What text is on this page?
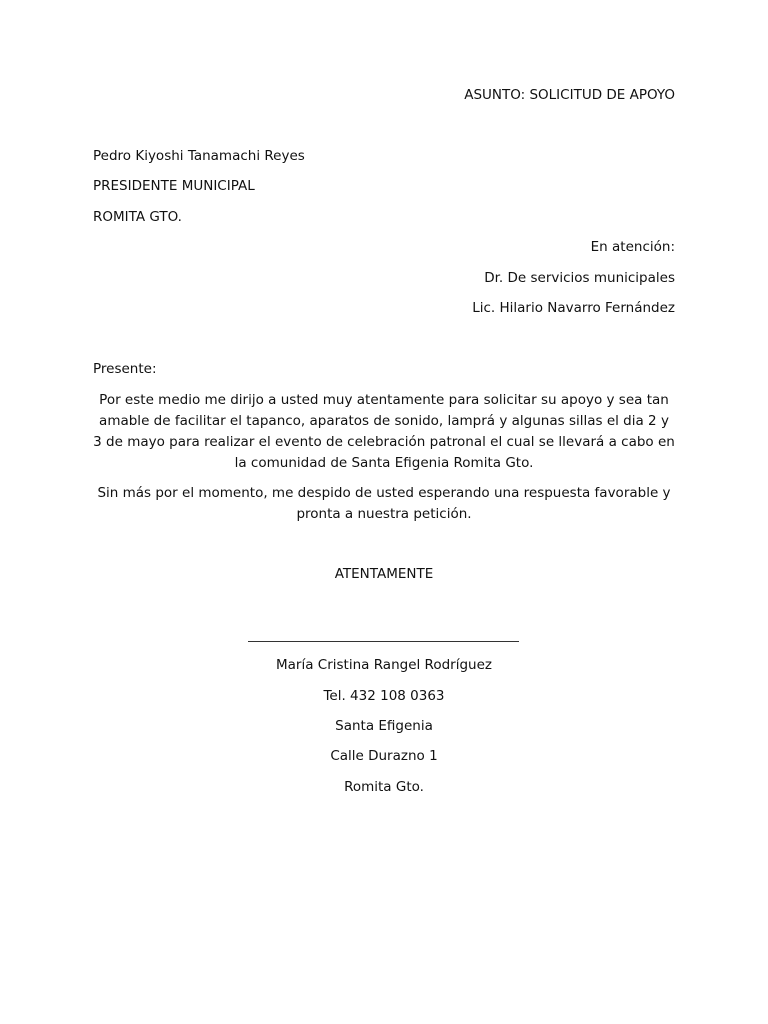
ASUNTO: SOLICITUD DE APOYO
Pedro Kiyoshi Tanamachi Reyes
PRESIDENTE MUNICIPAL
ROMITA GTO.
En atención:
Dr. De servicios municipales
Lic. Hilario Navarro Fernández
Presente:
Por este medio me dirijo a usted muy atentamente para solicitar su apoyo y sea tan amable de facilitar el tapanco, aparatos de sonido, lamprá y algunas sillas el dia 2 y 3 de mayo para realizar el evento de celebración patronal el cual se llevará a cabo en la comunidad de Santa Efigenia Romita Gto.
Sin más por el momento, me despido de usted esperando una respuesta favorable y pronta a nuestra petición.
ATENTAMENTE
María Cristina Rangel Rodríguez
Tel. 432 108 0363
Santa Efigenia
Calle Durazno 1
Romita Gto.
